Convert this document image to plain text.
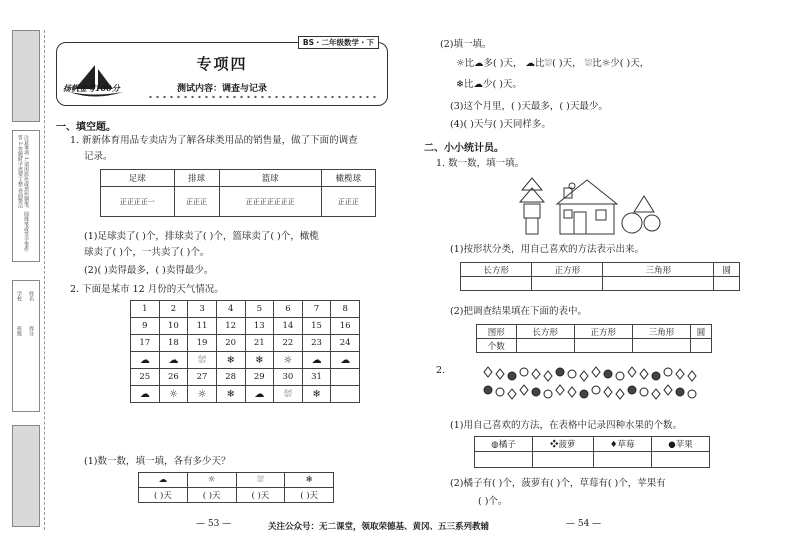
注意事项 1.请用蓝色或黑色钢笔、圆珠笔或签字笔作答 2.答题时字迹要工整 卷面整洁
学校
班级
姓名
得分
BS・二年级数学・下
扬帆金考100分
专项四
测试内容：调查与记录
一、填空题。
1. 新新体育用品专卖店为了解各球类用品的销售量，做了下面的调查
记录。
足球	排球	篮球	橄榄球
正正正正一	正正正	正正正正正正正	正正正
(1)足球卖了( )个，排球卖了( )个，篮球卖了( )个，橄榄
球卖了( )个，一共卖了( )个。
(2)( )卖得最多，( )卖得最少。
2. 下面是某市 12 月份的天气情况。
1	2	3	4	5	6	7	8
9	10	11	12	13	14	15	16
17	18	19	20	21	22	23	24
☁	☁	⛆	❄	❄	☼	☁	☁
25	26	27	28	29	30	31	
☁	☼	☼	❄	☁	⛆	❄	
(1)数一数，填一填，各有多少天？
☁	☼	⛆	❄
( )天	( )天	( )天	( )天
(2)填一填。
☼比☁多( )天， ☁比⛆( )天， ⛆比☼少( )天，
❄比☁少( )天。
(3)这个月里，( )天最多，( )天最少。
(4)( )天与( )天同样多。
二、小小统计员。
1. 数一数，填一填。
(1)按形状分类，用自己喜欢的方法表示出来。
长方形	正方形	三角形	圆

(2)把调查结果填在下面的表中。
图形	长方形	正方形	三角形	圆
个数				
2.
(1)用自己喜欢的方法，在表格中记录四种水果的个数。
◍橘子	❖菠萝	♦草莓	●苹果

(2)橘子有( )个，菠萝有( )个，草莓有( )个，苹果有
( )个。
— 53 —	关注公众号：无二课堂，领取荣德基、黄冈、五三系列教辅	— 54 —
